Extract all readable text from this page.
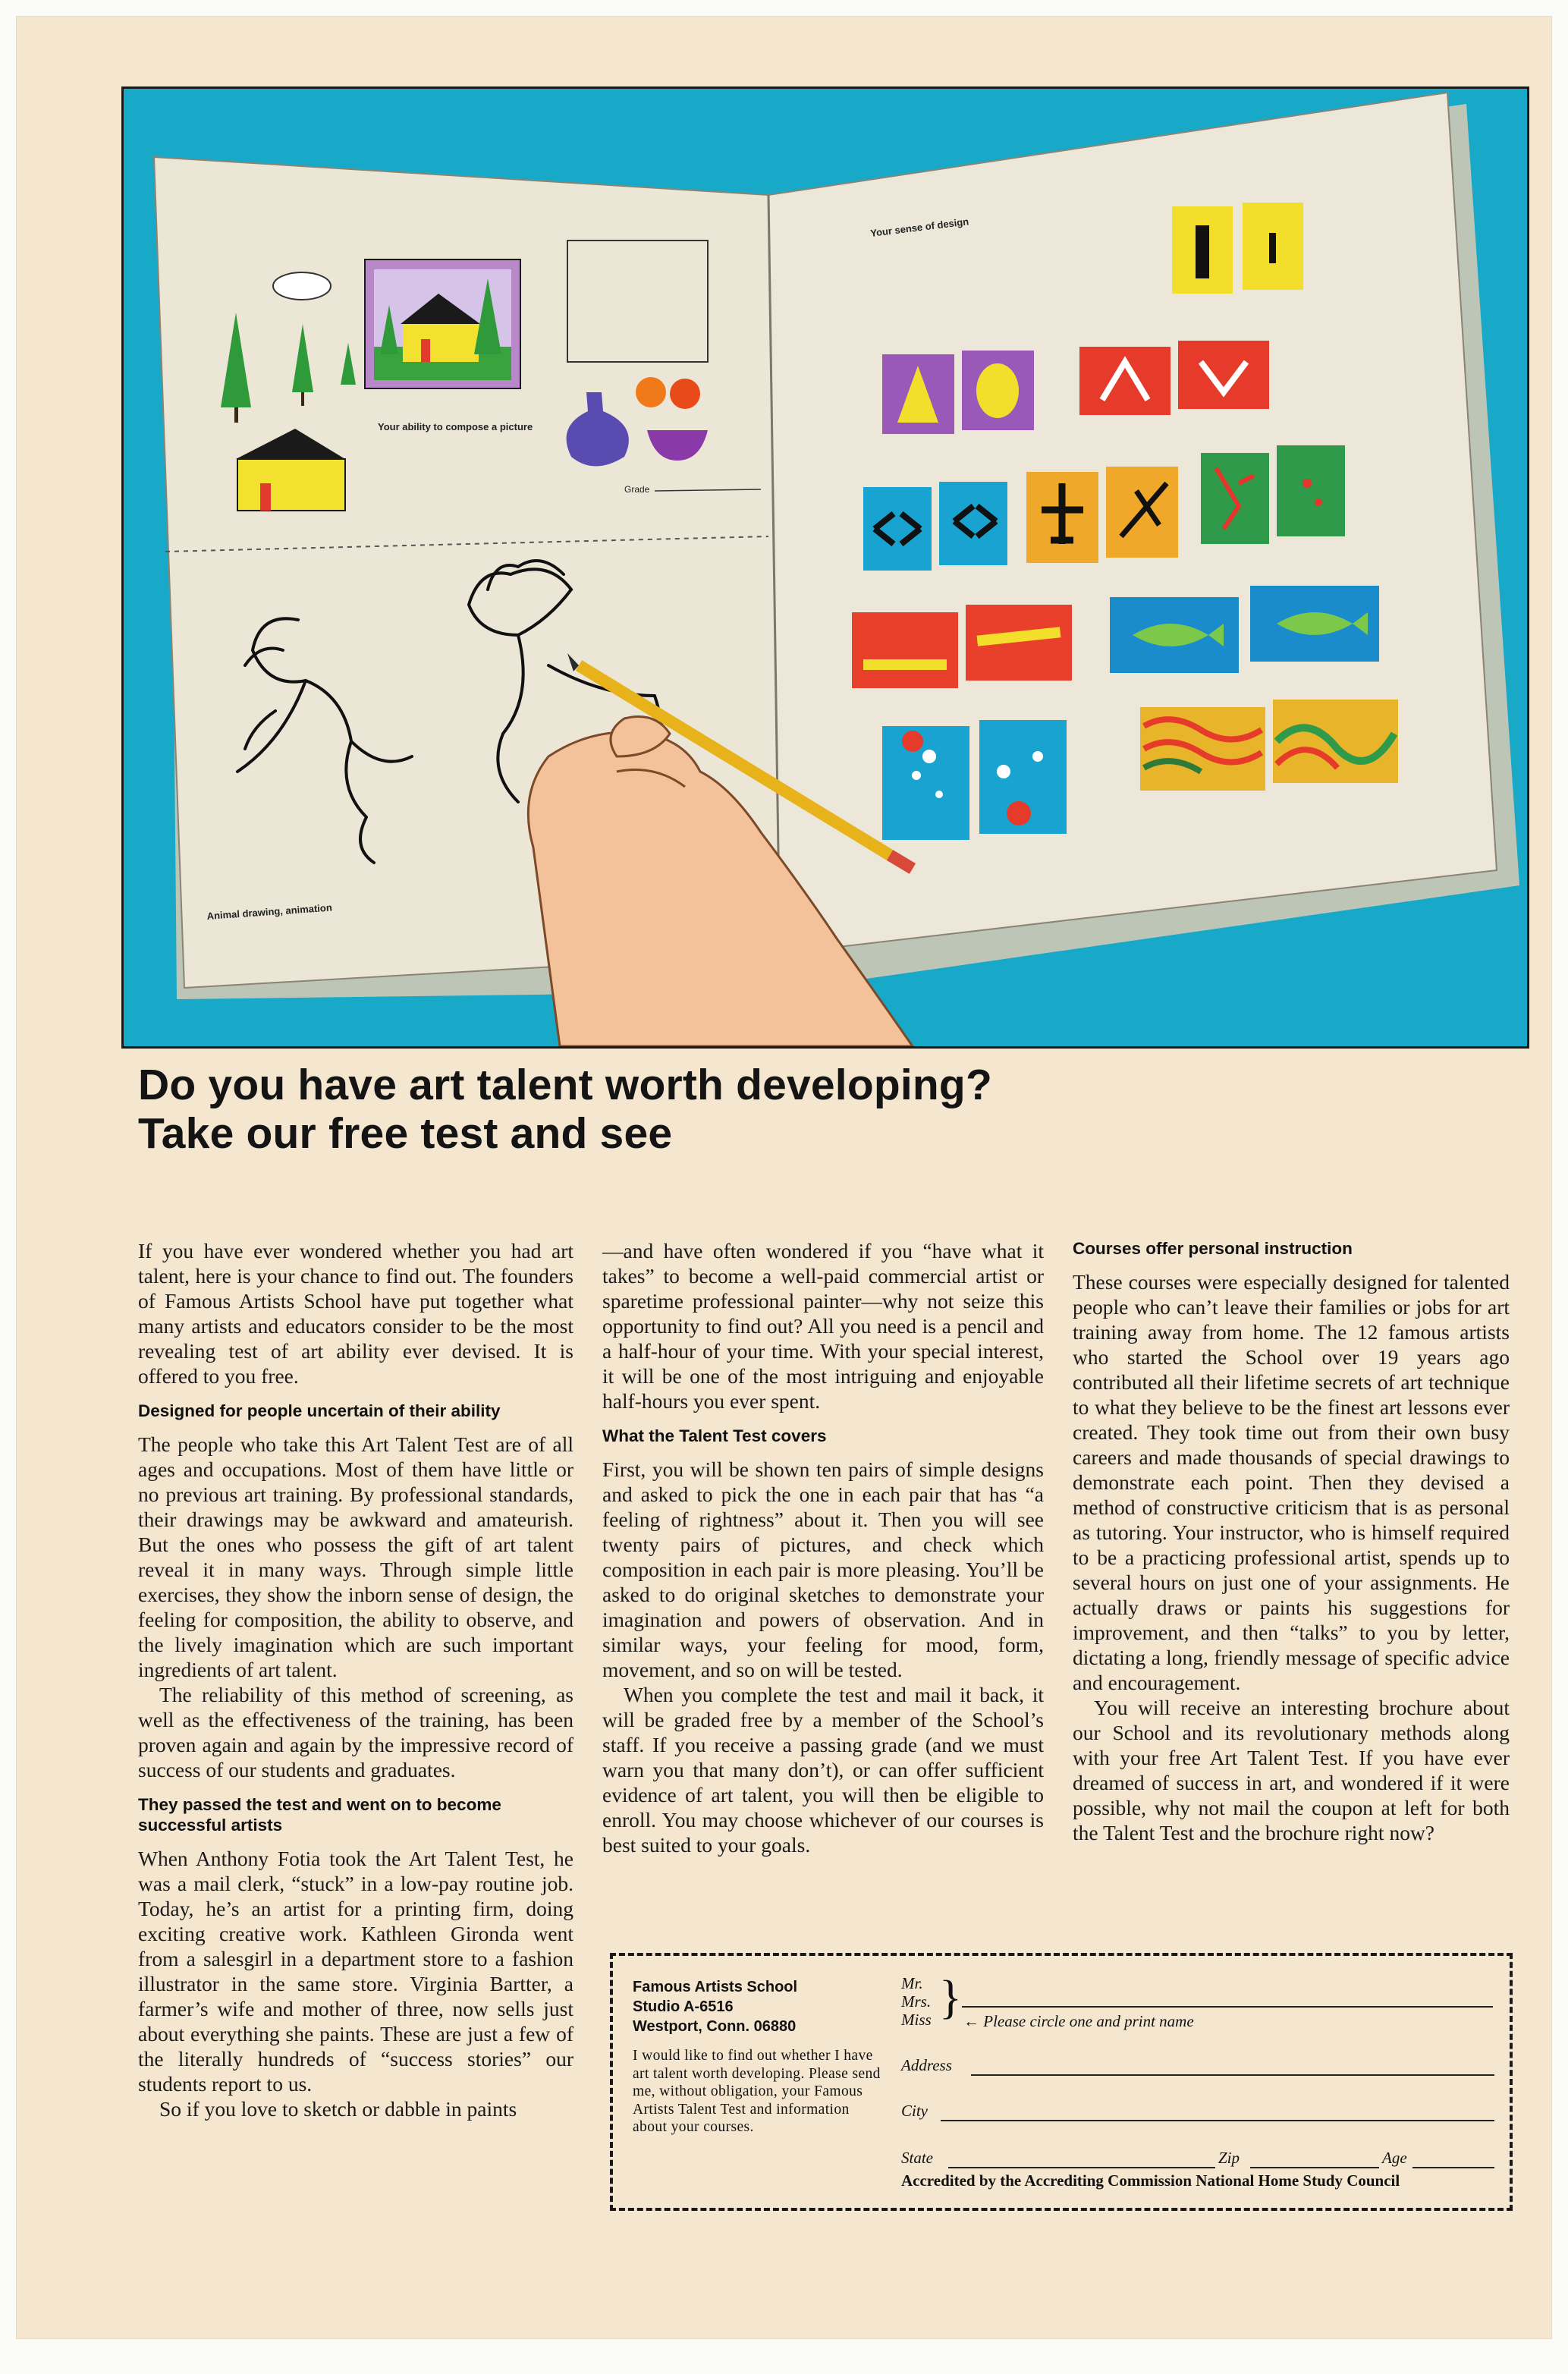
Your ability to compose a picture
Grade
Animal drawing, animation
Your sense of design
Do you have art talent worth developing?
Take our free test and see

If you have ever wondered whether you had art talent, here is your chance to find out. The founders of Famous Artists School have put together what many artists and educators consider to be the most revealing test of art ability ever devised. It is offered to you free.

Designed for people uncertain of their ability

The people who take this Art Talent Test are of all ages and occupations. Most of them have little or no previous art training. By professional standards, their drawings may be awkward and amateurish. But the ones who possess the gift of art talent reveal it in many ways. Through simple little exercises, they show the inborn sense of design, the feeling for composition, the ability to observe, and the lively imagination which are such important ingredients of art talent.

The reliability of this method of screening, as well as the effectiveness of the training, has been proven again and again by the impressive record of success of our students and graduates.

They passed the test and went on to become successful artists

When Anthony Fotia took the Art Talent Test, he was a mail clerk, “stuck” in a low-pay routine job. Today, he’s an artist for a printing firm, doing exciting creative work. Kathleen Gironda went from a salesgirl in a department store to a fashion illustrator in the same store. Virginia Bartter, a farmer’s wife and mother of three, now sells just about everything she paints. These are just a few of the literally hundreds of “success stories” our students report to us.

So if you love to sketch or dabble in paints

—and have often wondered if you “have what it takes” to become a well-paid commercial artist or sparetime professional painter—why not seize this opportunity to find out? All you need is a pencil and a half-hour of your time. With your special interest, it will be one of the most intriguing and enjoyable half-hours you ever spent.

What the Talent Test covers

First, you will be shown ten pairs of simple designs and asked to pick the one in each pair that has “a feeling of rightness” about it. Then you will see twenty pairs of pictures, and check which composition in each pair is more pleasing. You’ll be asked to do original sketches to demonstrate your imagination and powers of observation. And in similar ways, your feeling for mood, form, movement, and so on will be tested.

When you complete the test and mail it back, it will be graded free by a member of the School’s staff. If you receive a passing grade (and we must warn you that many don’t), or can offer sufficient evidence of art talent, you will then be eligible to enroll. You may choose whichever of our courses is best suited to your goals.

Courses offer personal instruction

These courses were especially designed for talented people who can’t leave their families or jobs for art training away from home. The 12 famous artists who started the School over 19 years ago contributed all their lifetime secrets of art technique to what they believe to be the finest art lessons ever created. They took time out from their own busy careers and made thousands of special drawings to demonstrate each point. Then they devised a method of constructive criticism that is as personal as tutoring. Your instructor, who is himself required to be a practicing professional artist, spends up to several hours on just one of your assignments. He actually draws or paints his suggestions for improvement, and then “talks” to you by letter, dictating a long, friendly message of specific advice and encouragement.

You will receive an interesting brochure about our School and its revolutionary methods along with your free Art Talent Test. If you have ever dreamed of success in art, and wondered if it were possible, why not mail the coupon at left for both the Talent Test and the brochure right now?

Famous Artists School
Studio A-6516
Westport, Conn. 06880
I would like to find out whether I have art talent worth developing. Please send me, without obligation, your Famous Artists Talent Test and information about your courses.
Mr.
Mrs.
Miss } ← Please circle one and print name
Address
City
State	Zip	Age
Accredited by the Accrediting Commission National Home Study Council
